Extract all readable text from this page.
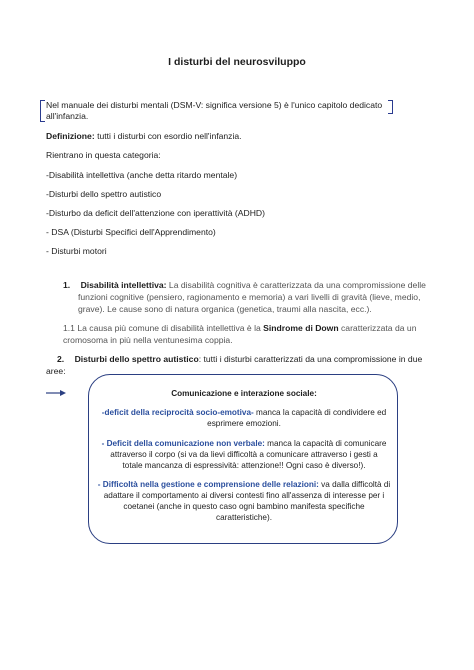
I disturbi del neurosviluppo
Nel manuale dei disturbi mentali (DSM-V: significa versione 5) è l'unico capitolo dedicato
all'infanzia.
Definizione: tutti i disturbi con esordio nell'infanzia.
Rientrano in questa categoria:
-Disabilità intellettiva (anche detta ritardo mentale)
-Disturbi dello spettro autistico
-Disturbo da deficit dell'attenzione con iperattività (ADHD)
- DSA (Disturbi Specifici dell'Apprendimento)
- Disturbi motori
1. Disabilità intellettiva: La disabilità cognitiva è caratterizzata da una compromissione delle
funzioni cognitive (pensiero, ragionamento e memoria) a vari livelli di gravità (lieve, medio,
grave). Le cause sono di natura organica (genetica, traumi alla nascita, ecc.).
1.1 La causa più comune di disabilità intellettiva è la Sindrome di Down caratterizzata da un
cromosoma in più nella ventunesima coppia.
2. Disturbi dello spettro autistico: tutti i disturbi caratterizzati da una compromissione in due
aree:
Comunicazione e interazione sociale:
-deficit della reciprocità socio-emotiva- manca la capacità di condividere ed
esprimere emozioni.
- Deficit della comunicazione non verbale: manca la capacità di comunicare
attraverso il corpo (si va da lievi difficoltà a comunicare attraverso i gesti a
totale mancanza di espressività: attenzione!! Ogni caso è diverso!).
- Difficoltà nella gestione e comprensione delle relazioni: va dalla difficoltà di
adattare il comportamento ai diversi contesti fino all'assenza di interesse per i
coetanei (anche in questo caso ogni bambino manifesta specifiche
caratteristiche).
